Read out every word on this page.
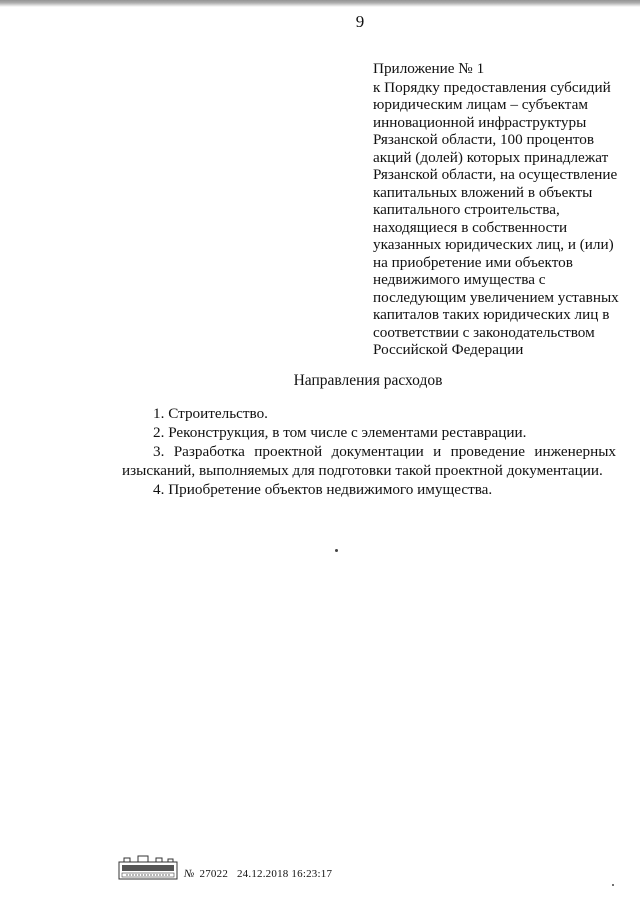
9
Приложение № 1
к Порядку предоставления субсидий
юридическим лицам – субъектам
инновационной инфраструктуры
Рязанской области, 100 процентов
акций (долей) которых принадлежат
Рязанской области, на осуществление
капитальных вложений в объекты
капитального строительства,
находящиеся в собственности
указанных юридических лиц, и (или)
на приобретение ими объектов
недвижимого имущества с
последующим увеличением уставных
капиталов таких юридических лиц в
соответствии с законодательством
Российской Федерации
Направления расходов
1. Строительство.
2. Реконструкция, в том числе с элементами реставрации.
3. Разработка проектной документации и проведение инженерных
изысканий, выполняемых для подготовки такой проектной документации.
4. Приобретение объектов недвижимого имущества.
№ 27022 24.12.2018 16:23:17
